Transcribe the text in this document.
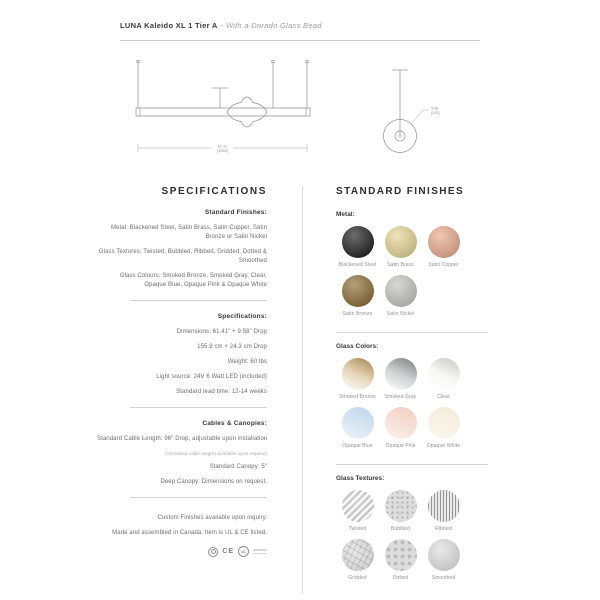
LUNA Kaleido XL 1 Tier A - With a Dorado Glass Bead
61.41
[1559]
9.58
[243]
SPECIFICATIONS
Standard Finishes:

Metal: Blackened Steel, Satin Brass, Satin Copper, Satin Bronze or Satin Nickel

Glass Textures: Twisted, Bubbled, Ribbed, Gridded, Dotted & Smoothed

Glass Colours: Smoked Bronze, Smoked Gray, Clear, Opaque Blue, Opaque Pink & Opaque White

Specifications:

Dimensions: 61.41" + 9.58" Drop

155.9 cm + 24.3 cm Drop

Weight: 60 lbs

Light source: 24V 6 Watt LED (included)

Standard lead time: 12-14 weeks

Cables & Canopies:

Standard Cable Length: 96" Drop, adjustable upon installation

(Increased cable lengths available upon request)

Standard Canopy: 5"

Deep Canopy: Dimensions on request.

Custom Finishes available upon inquiry.

Made and assembled in Canada. Item is UL & CE listed.

CE	UL
STANDARD FINISHES
Metal:
Blackened Steel	Satin Brass	Satin Copper
Satin Bronze	Satin Nickel
Glass Colors:
Smoked Bronze	Smoked Gray	Clear
Opaque Blue	Opaque Pink	Opaque White
Glass Textures:
Twisted	Bubbled	Ribbed
Gridded	Dotted	Smoothed
